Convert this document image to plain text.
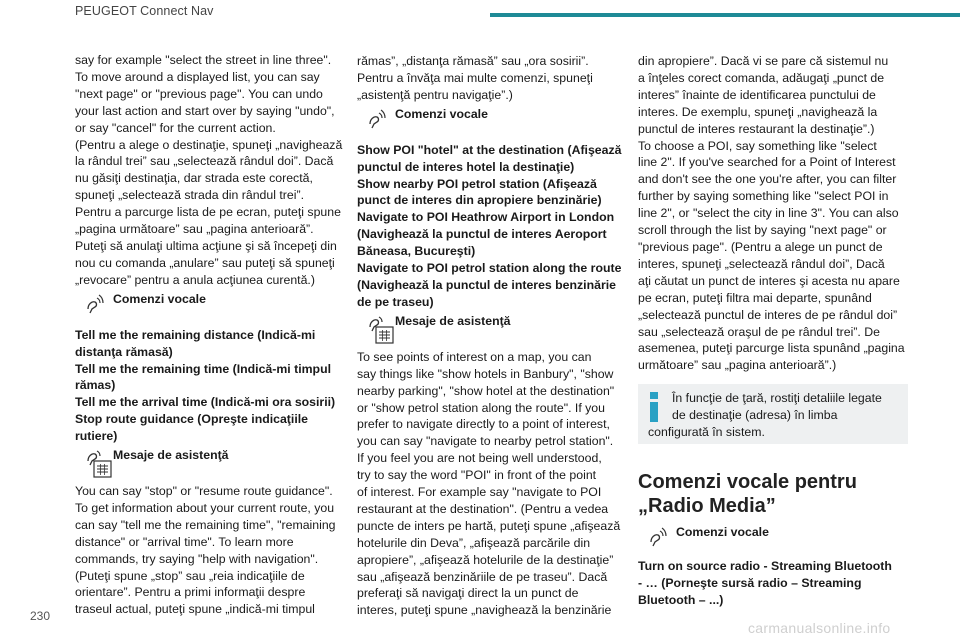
PEUGEOT Connect Nav

say for example "select the street in line three".
To move around a displayed list, you can say
"next page" or "previous page". You can undo
your last action and start over by saying "undo",
or say "cancel" for the current action.
(Pentru a alege o destinaţie, spuneţi „navighează
la rândul trei” sau „selectează rândul doi”. Dacă
nu găsiţi destinaţia, dar strada este corectă,
spuneţi „selectează strada din rândul trei”.
Pentru a parcurge lista de pe ecran, puteţi spune
„pagina următoare” sau „pagina anterioară”.
Puteţi să anulaţi ultima acţiune şi să începeţi din
nou cu comanda „anulare” sau puteţi să spuneţi
„revocare” pentru a anula acţiunea curentă.)

Comenzi vocale

Tell me the remaining distance (Indică-mi
distanţa rămasă)
Tell me the remaining time (Indică-mi timpul
rămas)
Tell me the arrival time (Indică-mi ora sosirii)
Stop route guidance (Opreşte indicaţiile
rutiere)

Mesaje de asistenţă

You can say "stop" or "resume route guidance".
To get information about your current route, you
can say "tell me the remaining time", "remaining
distance" or "arrival time". To learn more
commands, try saying "help with navigation".
(Puteţi spune „stop” sau „reia indicaţiile de
orientare”. Pentru a primi informaţii despre
traseul actual, puteţi spune „indică-mi timpul

rămas”, „distanţa rămasă” sau „ora sosirii”.
Pentru a învăţa mai multe comenzi, spuneţi
„asistenţă pentru navigaţie”.)

Comenzi vocale

Show POI "hotel" at the destination (Afişează
punctul de interes hotel la destinaţie)
Show nearby POI petrol station (Afişează
punct de interes din apropiere benzinărie)
Navigate to POI Heathrow Airport in London
(Navighează la punctul de interes Aeroport
Băneasa, Bucureşti)
Navigate to POI petrol station along the route
(Navighează la punctul de interes benzinărie
de pe traseu)

Mesaje de asistenţă

To see points of interest on a map, you can
say things like "show hotels in Banbury", "show
nearby parking", "show hotel at the destination"
or "show petrol station along the route". If you
prefer to navigate directly to a point of interest,
you can say "navigate to nearby petrol station".
If you feel you are not being well understood,
try to say the word "POI" in front of the point
of interest. For example say "navigate to POI
restaurant at the destination". (Pentru a vedea
puncte de inters pe hartă, puteţi spune „afişează
hotelurile din Deva”, „afişează parcările din
apropiere”, „afişează hotelurile de la destinaţie”
sau „afişează benzinăriile de pe traseu”. Dacă
preferaţi să navigaţi direct la un punct de
interes, puteţi spune „navighează la benzinărie

din apropiere”. Dacă vi se pare că sistemul nu
a înţeles corect comanda, adăugaţi „punct de
interes” înainte de identificarea punctului de
interes. De exemplu, spuneţi „navighează la
punctul de interes restaurant la destinaţie”.)
To choose a POI, say something like "select
line 2". If you've searched for a Point of Interest
and don't see the one you're after, you can filter
further by saying something like "select POI in
line 2", or "select the city in line 3". You can also
scroll through the list by saying "next page" or
"previous page". (Pentru a alege un punct de
interes, spuneţi „selectează rândul doi”, Dacă
aţi căutat un punct de interes şi acesta nu apare
pe ecran, puteţi filtra mai departe, spunând
„selectează punctul de interes de pe rândul doi”
sau „selectează oraşul de pe rândul trei”. De
asemenea, puteţi parcurge lista spunând „pagina
următoare” sau „pagina anterioară”.)

În funcţie de ţară, rostiţi detaliile legate
de destinaţie (adresa) în limba
configurată în sistem.
Comenzi vocale pentru
„Radio Media”
Comenzi vocale

Turn on source radio - Streaming Bluetooth
- … (Porneşte sursă radio – Streaming
Bluetooth – ...)

230
carmanualsonline.info
